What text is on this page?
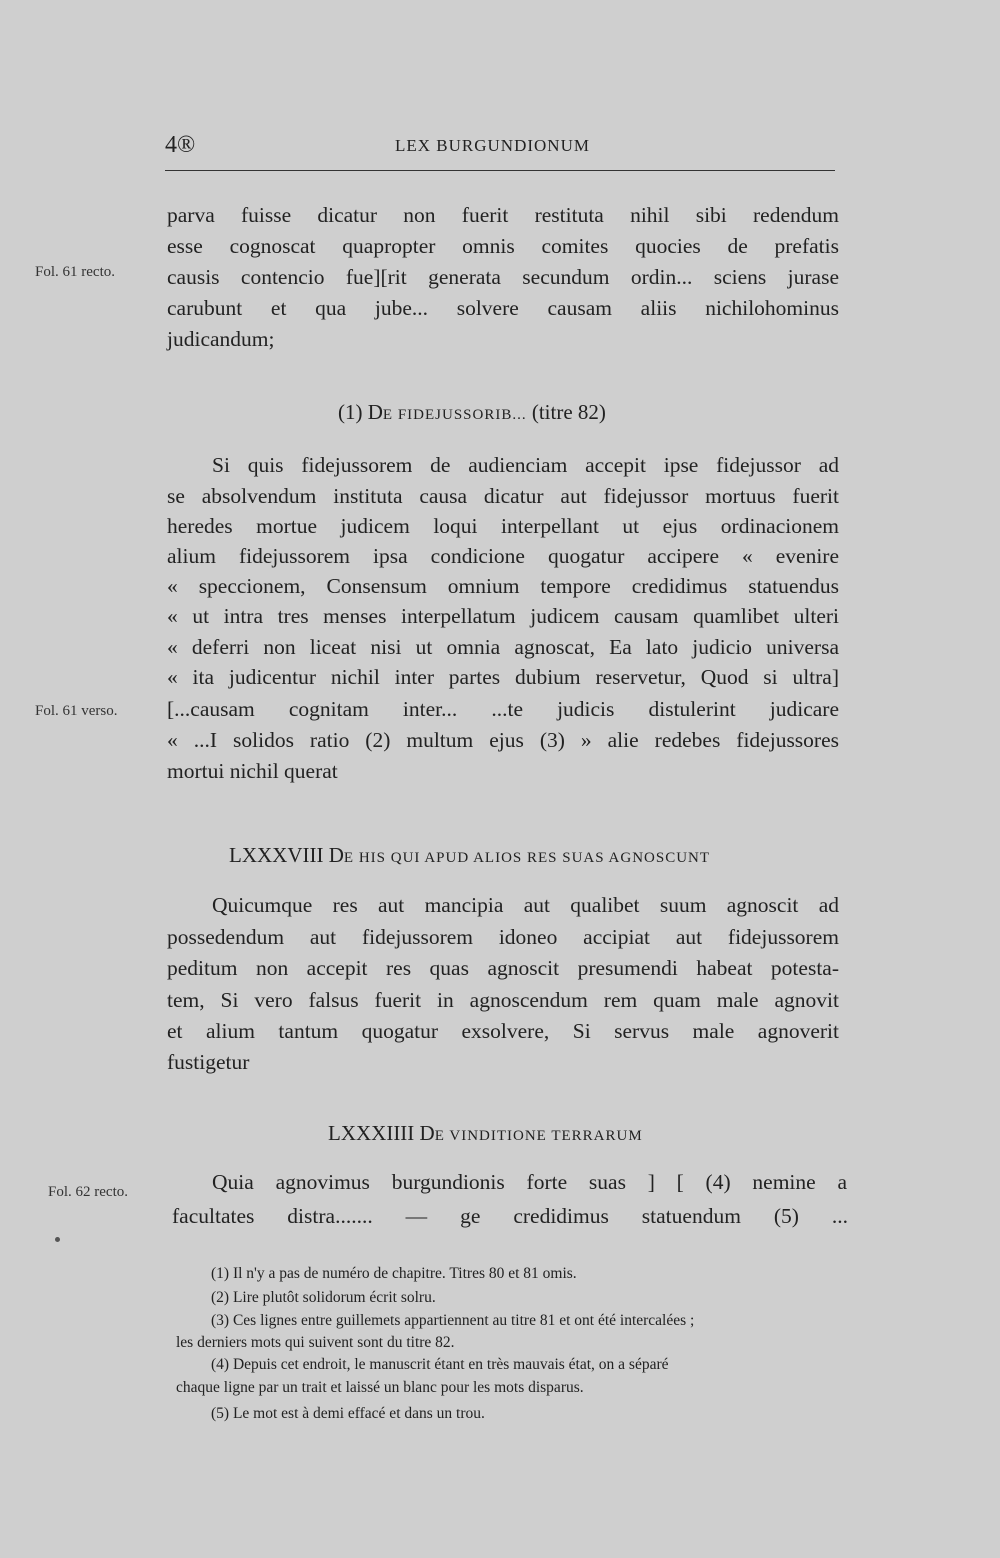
4®	LEX BURGUNDIONUM
Fol. 61 recto.
Fol. 61 verso.
Fol. 62 recto.
parva fuisse dicatur non fuerit restituta nihil sibi redendum
esse cognoscat quapropter omnis comites quocies de prefatis
causis contencio fue][rit generata secundum ordin... sciens jurase
carubunt et qua jube... solvere causam aliis nichilohominus
judicandum;
(1) DE FIDEJUSSORIB... (titre 82)
Si quis fidejussorem de audienciam accepit ipse fidejussor ad
se absolvendum instituta causa dicatur aut fidejussor mortuus fuerit
heredes mortue judicem loqui interpellant ut ejus ordinacionem
alium fidejussorem ipsa condicione quogatur accipere « evenire
« speccionem, Consensum omnium tempore credidimus statuendus
« ut intra tres menses interpellatum judicem causam quamlibet ulteri
« deferri non liceat nisi ut omnia agnoscat, Ea lato judicio universa
« ita judicentur nichil inter partes dubium reservetur, Quod si ultra]
[...causam cognitam inter... ...te judicis distulerint judicare
« ...I solidos ratio (2) multum ejus (3) » alie redebes fidejussores
mortui nichil querat
LXXXVIII DE HIS QUI APUD ALIOS RES SUAS AGNOSCUNT
Quicumque res aut mancipia aut qualibet suum agnoscit ad
possedendum aut fidejussorem idoneo accipiat aut fidejussorem
peditum non accepit res quas agnoscit presumendi habeat potesta-
tem, Si vero falsus fuerit in agnoscendum rem quam male agnovit
et alium tantum quogatur exsolvere, Si servus male agnoverit
fustigetur
LXXXIIII DE VINDITIONE TERRARUM
Quia agnovimus burgundionis forte suas ] [ (4) nemine a
facultates distra....... — ge credidimus statuendum (5) ...
(1) Il n'y a pas de numéro de chapitre. Titres 80 et 81 omis.
(2) Lire plutôt solidorum écrit solru.
(3) Ces lignes entre guillemets appartiennent au titre 81 et ont été intercalées ;
les derniers mots qui suivent sont du titre 82.
(4) Depuis cet endroit, le manuscrit étant en très mauvais état, on a séparé
chaque ligne par un trait et laissé un blanc pour les mots disparus.
(5) Le mot est à demi effacé et dans un trou.
